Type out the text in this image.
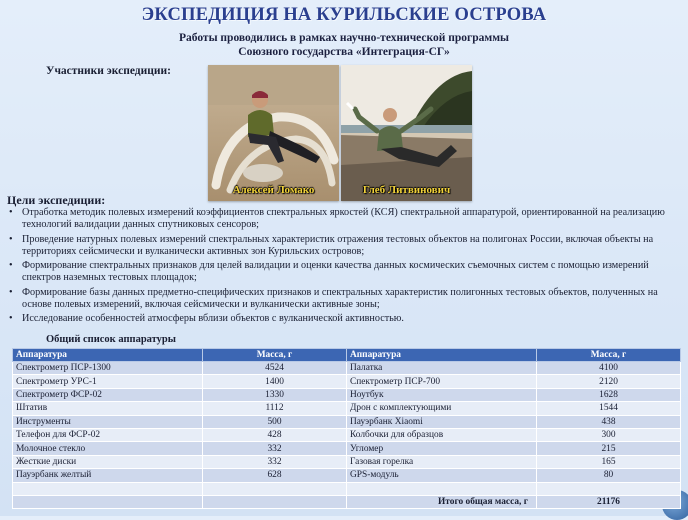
ЭКСПЕДИЦИЯ НА КУРИЛЬСКИЕ ОСТРОВА
Работы проводились в рамках научно-технической программы
Союзного государства «Интеграция-СГ»
Участники экспедиции:
Алексей Ломако	Глеб Литвинович
Цели экспедиции:
• Отработка методик полевых измерений коэффициентов спектральных яркостей (КСЯ) спектральной аппаратурой, ориентированной на реализацию технологий валидации данных спутниковых сенсоров;
• Проведение натурных полевых измерений спектральных характеристик отражения тестовых объектов на полигонах России, включая объекты на территориях сейсмически и вулканически активных зон Курильских островов;
• Формирование спектральных признаков для целей валидации и оценки качества данных космических съемочных систем с помощью измерений спектров наземных тестовых площадок;
• Формирование базы данных предметно-специфических признаков и спектральных характеристик полигонных тестовых объектов, полученных на основе полевых измерений, включая сейсмически и вулканически активные зоны;
• Исследование особенностей атмосферы вблизи объектов с вулканической активностью.
Общий список аппаратуры
Аппаратура	Масса, г	Аппаратура	Масса, г
Спектрометр ПСР-1300	4524	Палатка	4100
Спектрометр УРС-1	1400	Спектрометр ПСР-700	2120
Спектрометр ФСР-02	1330	Ноутбук	1628
Штатив	1112	Дрон с комплектующими	1544
Инструменты	500	Пауэрбанк Xiaomi	438
Телефон для ФСР-02	428	Колбочки для образцов	300
Молочное стекло	332	Угломер	215
Жесткие диски	332	Газовая горелка	165
Пауэрбанк желтый	628	GPS-модуль	80

		Итого общая масса, г	21176
